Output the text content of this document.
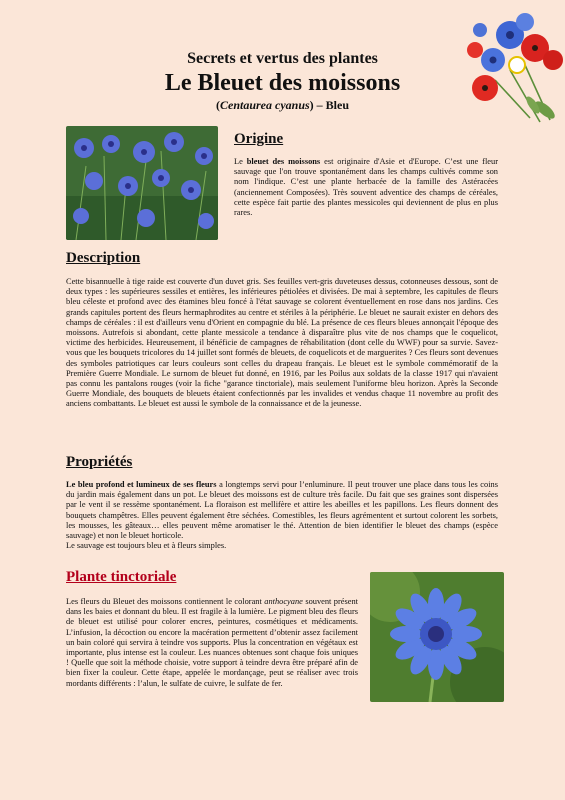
Secrets et vertus des plantes
Le Bleuet des moissons
(Centaurea cyanus) – Bleu
Origine
Le bleuet des moissons est originaire d'Asie et d'Europe. C’est une fleur sauvage que l'on trouve spontanément dans les champs cultivés comme son nom l'indique. C’est une plante herbacée de la famille des Astéracées (anciennement Composées). Très souvent adventice des champs de céréales, cette espèce fait partie des plantes messicoles qui deviennent de plus en plus rares.
Description
Cette bisannuelle à tige raide est couverte d'un duvet gris. Ses feuilles vert-gris duveteuses dessus, cotonneuses dessous, sont de deux types : les supérieures sessiles et entières, les inférieures pétiolées et divisées. De mai à septembre, les capitules de fleurs bleu céleste et profond avec des étamines bleu foncé à l'état sauvage se colorent éventuellement en rose dans nos jardins. Ces grands capitules portent des fleurs hermaphrodites au centre et stériles à la périphérie. Le bleuet ne saurait exister en dehors des champs de céréales : il est d'ailleurs venu d'Orient en compagnie du blé. La présence de ces fleurs bleues annonçait l'époque des moissons. Autrefois si abondant, cette plante messicole a tendance à disparaître plus vite de nos champs que le coquelicot, victime des herbicides. Heureusement, il bénéficie de campagnes de réhabilitation (dont celle du WWF) pour sa survie. Savez-vous que les bouquets tricolores du 14 juillet sont formés de bleuets, de coquelicots et de marguerites ? Ces fleurs sont devenues des symboles patriotiques car leurs couleurs sont celles du drapeau français. Le bleuet est le symbole commémoratif de la Première Guerre Mondiale. Le surnom de bleuet fut donné, en 1916, par les Poilus aux soldats de la classe 1917 qui n'avaient pas connu les pantalons rouges (voir la fiche "garance tinctoriale), mais seulement l'uniforme bleu horizon. Après la Seconde Guerre Mondiale, des bouquets de bleuets étaient confectionnés par les invalides et vendus chaque 11 novembre au profit des anciens combattants. Le bleuet est aussi le symbole de la connaissance et de la jeunesse.
Propriétés
Le bleu profond et lumineux de ses fleurs a longtemps servi pour l’enluminure. Il peut trouver une place dans tous les coins du jardin mais également dans un pot. Le bleuet des moissons est de culture très facile. Du fait que ses graines sont dispersées par le vent il se ressème spontanément. La floraison est mellifère et attire les abeilles et les papillons. Les fleurs donnent des bouquets champêtres. Elles peuvent également être séchées. Comestibles, les fleurs agrémentent et surtout colorent les sorbets, les mousses, les gâteaux… elles peuvent même aromatiser le thé. Attention de bien identifier le bleuet des champs (espèce sauvage) et non le bleuet horticole.
Le sauvage est toujours bleu et à fleurs simples.
Plante tinctoriale
Les fleurs du Bleuet des moissons contiennent le colorant anthocyane souvent présent dans les baies et donnant du bleu. Il est fragile à la lumière. Le pigment bleu des fleurs de bleuet est utilisé pour colorer encres, peintures, cosmétiques et médicaments. L’infusion, la décoction ou encore la macération permettent d’obtenir assez facilement un bain coloré qui servira à teindre vos supports. Plus la concentration en végétaux est importante, plus intense est la couleur. Les nuances obtenues sont chaque fois uniques ! Quelle que soit la méthode choisie, votre support à teindre devra être préparé afin de bien fixer la couleur. Cette étape, appelée le mordançage, peut se réaliser avec trois mordants différents : l’alun, le sulfate de cuivre, le sulfate de fer.
